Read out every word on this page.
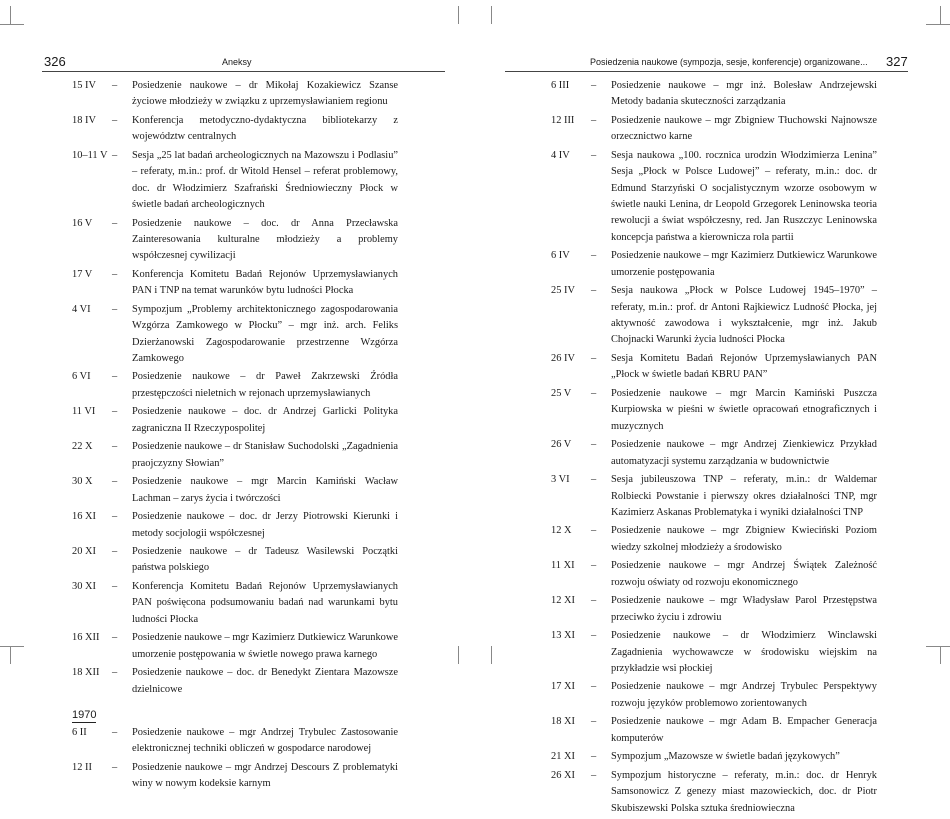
326	Aneksy	Posiedzenia naukowe (sympozja, sesje, konferencje) organizowane... 327
15 IV	–	Posiedzenie naukowe – dr Mikołaj Kozakiewicz Szanse życiowe młodzieży w związku z uprzemysławianiem regionu
18 IV	–	Konferencja metodyczno-dydaktyczna bibliotekarzy z województw centralnych
10–11 V –	Sesja „25 lat badań archeologicznych na Mazowszu i Podlasiu” – referaty, m.in.: prof. dr Witold Hensel – referat problemowy, doc. dr Włodzimierz Szafrański Średniowieczny Płock w świetle badań archeologicznych
16 V	–	Posiedzenie naukowe – doc. dr Anna Przecławska Zainteresowania kulturalne młodzieży a problemy współczesnej cywilizacji
17 V	–	Konferencja Komitetu Badań Rejonów Uprzemysławianych PAN i TNP na temat warunków bytu ludności Płocka
4 VI	–	Sympozjum „Problemy architektonicznego zagospodarowania Wzgórza Zamkowego w Płocku” – mgr inż. arch. Feliks Dzierżanowski Zagospodarowanie przestrzenne Wzgórza Zamkowego
6 VI	–	Posiedzenie naukowe – dr Paweł Zakrzewski Źródła przestępczości nieletnich w rejonach uprzemysławianych
11 VI	–	Posiedzenie naukowe – doc. dr Andrzej Garlicki Polityka zagraniczna II Rzeczypospolitej
22 X	–	Posiedzenie naukowe – dr Stanisław Suchodolski „Zagadnienia praojczyzny Słowian”
30 X	–	Posiedzenie naukowe – mgr Marcin Kamiński Wacław Lachman – zarys życia i twórczości
16 XI	–	Posiedzenie naukowe – doc. dr Jerzy Piotrowski Kierunki i metody socjologii współczesnej
20 XI	–	Posiedzenie naukowe – dr Tadeusz Wasilewski Początki państwa polskiego
30 XI	–	Konferencja Komitetu Badań Rejonów Uprzemysławianych PAN poświęcona podsumowaniu badań nad warunkami bytu ludności Płocka
16 XII	–	Posiedzenie naukowe – mgr Kazimierz Dutkiewicz Warunkowe umorzenie postępowania w świetle nowego prawa karnego
18 XII	–	Posiedzenie naukowe – doc. dr Benedykt Zientara Mazowsze dzielnicowe
1970
6 II	–	Posiedzenie naukowe – mgr Andrzej Trybulec Zastosowanie elektronicznej techniki obliczeń w gospodarce narodowej
12 II	–	Posiedzenie naukowe – mgr Andrzej Descours Z problematyki winy w nowym kodeksie karnym
6 III	–	Posiedzenie naukowe – mgr inż. Bolesław Andrzejewski Metody badania skuteczności zarządzania
12 III	–	Posiedzenie naukowe – mgr Zbigniew Tłuchowski Najnowsze orzecznictwo karne
4 IV	–	Sesja naukowa „100. rocznica urodzin Włodzimierza Lenina” Sesja „Płock w Polsce Ludowej” – referaty, m.in.: doc. dr Edmund Starzyński O socjalistycznym wzorze osobowym w świetle nauki Lenina, dr Leopold Grzegorek Leninowska teoria rewolucji a świat współczesny, red. Jan Ruszczyc Leninowska koncepcja państwa a kierownicza rola partii
6 IV	–	Posiedzenie naukowe – mgr Kazimierz Dutkiewicz Warunkowe umorzenie postępowania
25 IV	–	Sesja naukowa „Płock w Polsce Ludowej 1945–1970” – referaty, m.in.: prof. dr Antoni Rajkiewicz Ludność Płocka, jej aktywność zawodowa i wykształcenie, mgr inż. Jakub Chojnacki Warunki życia ludności Płocka
26 IV	–	Sesja Komitetu Badań Rejonów Uprzemysławianych PAN „Płock w świetle badań KBRU PAN”
25 V	–	Posiedzenie naukowe – mgr Marcin Kamiński Puszcza Kurpiowska w pieśni w świetle opracowań etnograficznych i muzycznych
26 V	–	Posiedzenie naukowe – mgr Andrzej Zienkiewicz Przykład automatyzacji systemu zarządzania w budownictwie
3 VI	–	Sesja jubileuszowa TNP – referaty, m.in.: dr Waldemar Rolbiecki Powstanie i pierwszy okres działalności TNP, mgr Kazimierz Askanas Problematyka i wyniki działalności TNP
12 X	–	Posiedzenie naukowe – mgr Zbigniew Kwieciński Poziom wiedzy szkolnej młodzieży a środowisko
11 XI	–	Posiedzenie naukowe – mgr Andrzej Świątek Zależność rozwoju oświaty od rozwoju ekonomicznego
12 XI	–	Posiedzenie naukowe – mgr Władysław Parol Przestępstwa przeciwko życiu i zdrowiu
13 XI	–	Posiedzenie naukowe – dr Włodzimierz Winclawski Zagadnienia wychowawcze w środowisku wiejskim na przykładzie wsi płockiej
17 XI	–	Posiedzenie naukowe – mgr Andrzej Trybulec Perspektywy rozwoju języków problemowo zorientowanych
18 XI	–	Posiedzenie naukowe – mgr Adam B. Empacher Generacja komputerów
21 XI	–	Sympozjum „Mazowsze w świetle badań językowych”
26 XI	–	Sympozjum historyczne – referaty, m.in.: doc. dr Henryk Samsonowicz Z genezy miast mazowieckich, doc. dr Piotr Skubiszewski Polska sztuka średniowieczna
